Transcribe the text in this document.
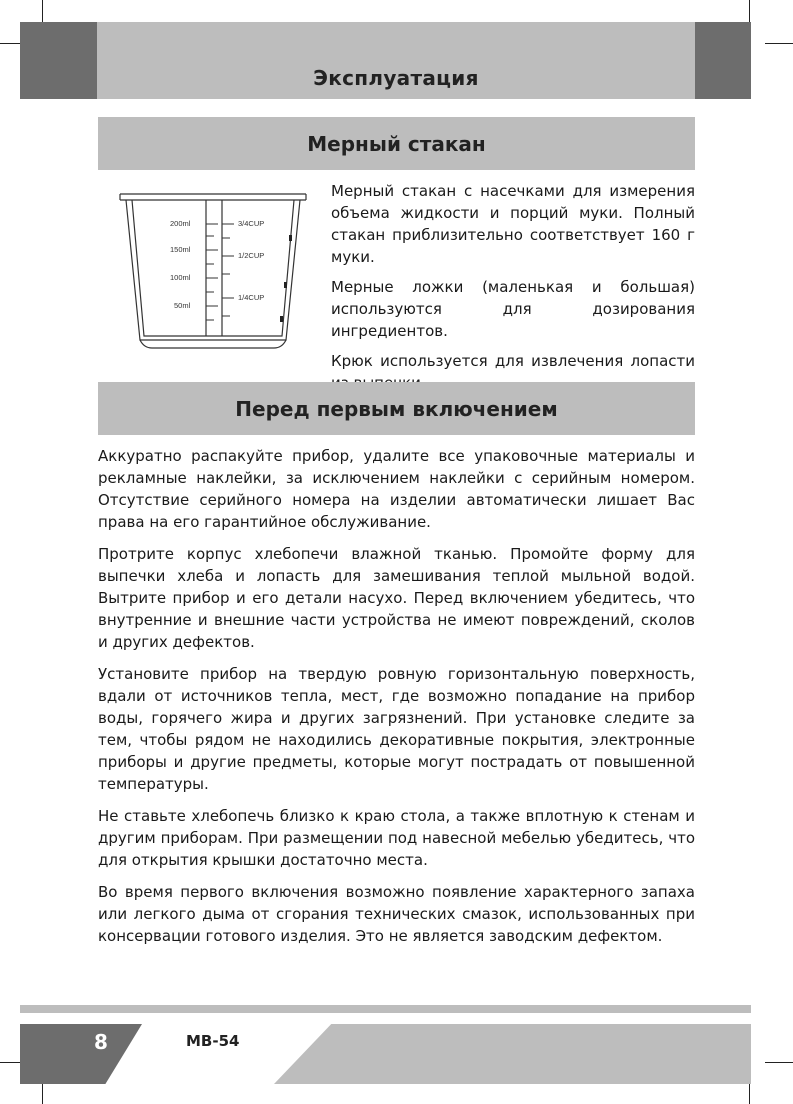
Эксплуатация
Мерный стакан
200ml
150ml
100ml
50ml
3/4CUP
1/2CUP
1/4CUP

Мерный стакан с насечками для измерения объема жидкости и порций муки. Полный стакан приблизительно соответствует 160 г муки.

Мерные ложки (маленькая и большая) используются для дозирования ингредиентов.

Крюк используется для извлечения лопасти

Перед первым включением

Аккуратно распакуйте прибор, удалите все упаковочные материалы и рекламные наклейки, за исключением наклейки с серийным номером. Отсутствие серийного номера на изделии автоматически лишает Вас права на его гарантийное обслуживание.

Протрите корпус хлебопечи влажной тканью. Промойте форму для выпечки хлеба и лопасть для замешивания теплой мыльной водой. Вытрите прибор и его детали насухо. Перед включением убедитесь, что внутренние и внешние части устройства не имеют повреждений, сколов и других дефектов.

Установите прибор на твердую ровную горизонтальную поверхность, вдали от источников тепла, мест, где возможно попадание на прибор воды, горячего жира и других загрязнений. При установке следите за тем, чтобы рядом не находились декоративные покрытия, электронные приборы и другие предметы, которые могут пострадать от повышенной температуры.

Не ставьте хлебопечь близко к краю стола, а также вплотную к стенам и другим приборам. При размещении под навесной мебелью убедитесь, что для открытия крышки достаточно места.

Во время первого включения возможно появление характерного запаха или легкого дыма от сгорания технических смазок, использованных при консервации готового изделия. Это не является заводским дефектом.

8	MB-54
